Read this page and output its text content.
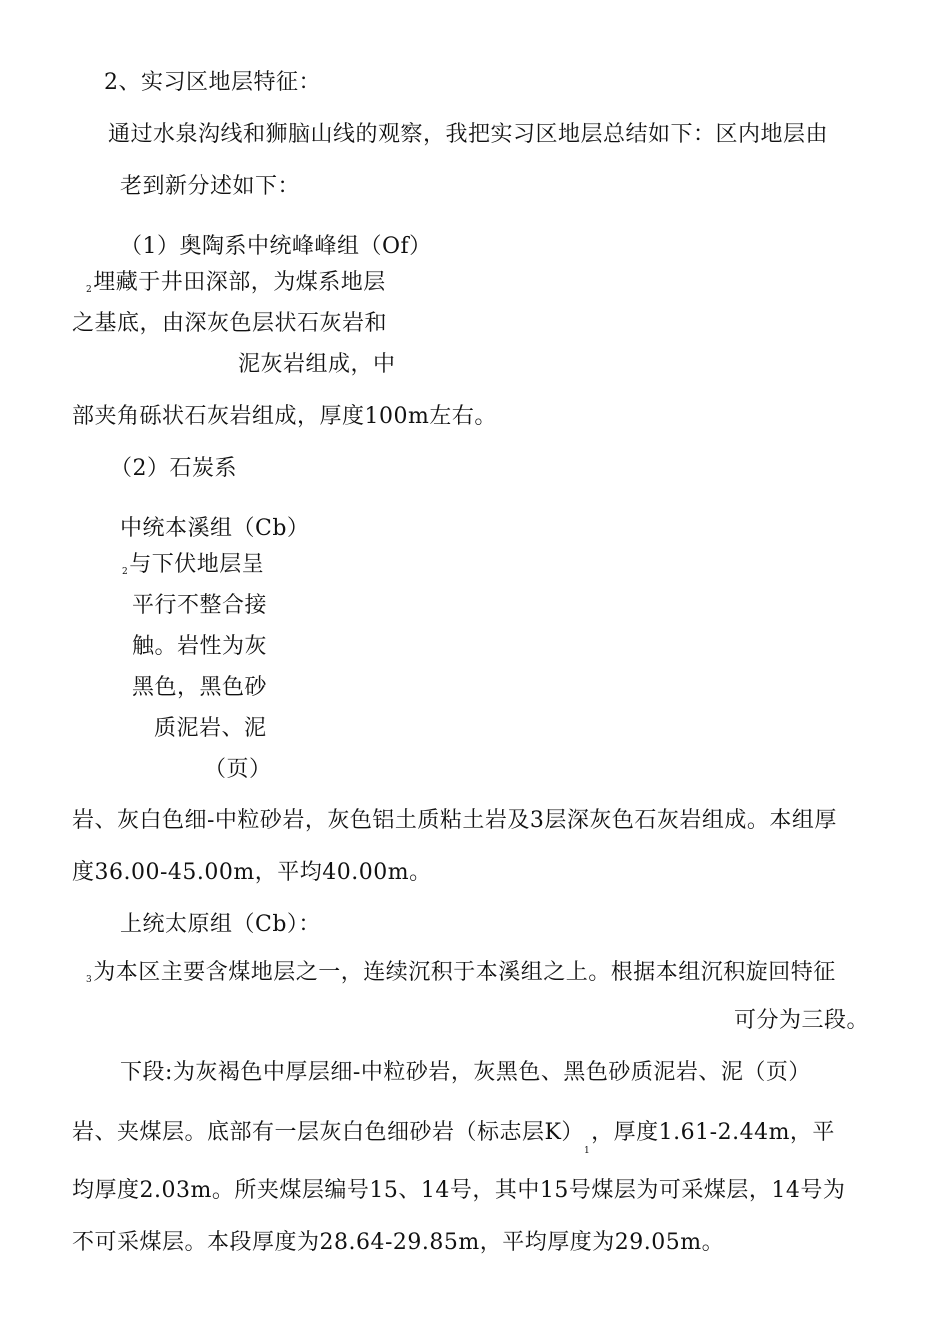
2、实习区地层特征：
通过水泉沟线和狮脑山线的观察，我把实习区地层总结如下：区内地层由
老到新分述如下：
（1）奥陶系中统峰峰组（Of）
2埋藏于井田深部，为煤系地层
之基底，由深灰色层状石灰岩和
泥灰岩组成，中
部夹角砾状石灰岩组成，厚度100m左右。
（2）石炭系
中统本溪组（Cb）
2与下伏地层呈
平行不整合接
触。岩性为灰
黑色，黑色砂
质泥岩、泥
（页）
岩、灰白色细-中粒砂岩，灰色铝土质粘土岩及3层深灰色石灰岩组成。本组厚
度36.00-45.00m，平均40.00m。
上统太原组（Cb）：
3为本区主要含煤地层之一，连续沉积于本溪组之上。根据本组沉积旋回特征
可分为三段。
下段:为灰褐色中厚层细-中粒砂岩，灰黑色、黑色砂质泥岩、泥（页）
岩、夹煤层。底部有一层灰白色细砂岩（标志层$K)_1$，厚度1.61-2.44m，平
均厚度2.03m。所夹煤层编号15、14号，其中15号煤层为可采煤层，14号为
不可采煤层。本段厚度为28.64-29.85m，平均厚度为29.05m。
